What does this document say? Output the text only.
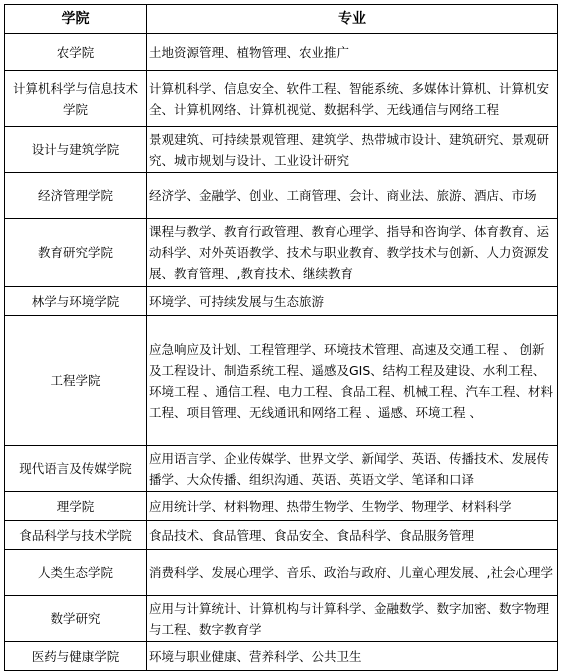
学院	专业
农学院	土地资源管理、植物管理、农业推广
计算机科学与信息技术学院	计算机科学、信息安全、软件工程、智能系统、多媒体计算机、计算机安全、计算机网络、计算机视觉、数据科学、无线通信与网络工程
设计与建筑学院	景观建筑、可持续景观管理、建筑学、热带城市设计、建筑研究、景观研究、城市规划与设计、工业设计研究
经济管理学院	经济学、金融学、创业、工商管理、会计、商业法、旅游、酒店、市场
教育研究学院	课程与教学、教育行政管理、教育心理学、指导和咨询学、体育教育、运动科学、对外英语教学、技术与职业教育、教学技术与创新、人力资源发展、教育管理、,教育技术、继续教育
林学与环境学院	环境学、可持续发展与生态旅游
工程学院	应急响应及计划、工程管理学、环境技术管理、高速及交通工程 、 创新及工程设计、制造系统工程、遥感及GIS、结构工程及建设、水利工程、环境工程 、通信工程、电力工程、食品工程、机械工程、汽车工程、材料工程、项目管理、无线通讯和网络工程 、遥感、环境工程 、
现代语言及传媒学院	应用语言学、企业传媒学、世界文学、新闻学、英语、传播技术、发展传播学、大众传播、组织沟通、英语、英语文学、笔译和口译
理学院	应用统计学、材料物理、热带生物学、生物学、物理学、材料科学
食品科学与技术学院	食品技术、食品管理、食品安全、食品科学、食品服务管理
人类生态学院	消费科学、发展心理学、音乐、政治与政府、儿童心理发展、,社会心理学
数学研究	应用与计算统计、计算机构与计算科学、金融数学、数字加密、数字物理与工程、数字教育学
医药与健康学院	环境与职业健康、营养科学、公共卫生
